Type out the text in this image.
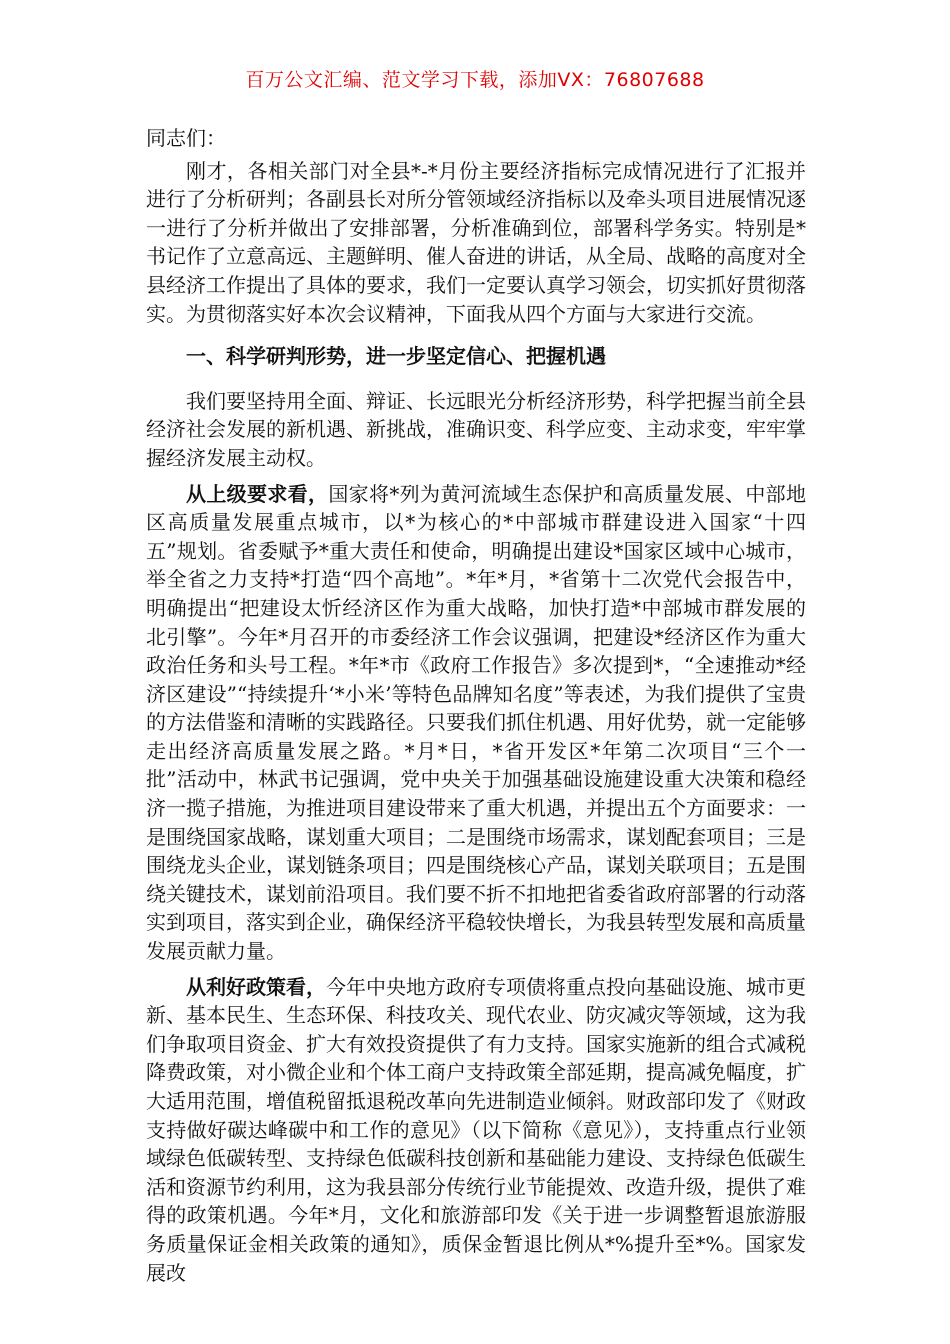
百万公文汇编、范文学习下载，添加VX：76807688

同志们：

刚才，各相关部门对全县*-*月份主要经济指标完成情况进行了汇报并进行了分析研判；各副县长对所分管领域经济指标以及牵头项目进展情况逐一进行了分析并做出了安排部署，分析准确到位，部署科学务实。特别是*书记作了立意高远、主题鲜明、催人奋进的讲话，从全局、战略的高度对全县经济工作提出了具体的要求，我们一定要认真学习领会，切实抓好贯彻落实。为贯彻落实好本次会议精神，下面我从四个方面与大家进行交流。

一、科学研判形势，进一步坚定信心、把握机遇

我们要坚持用全面、辩证、长远眼光分析经济形势，科学把握当前全县经济社会发展的新机遇、新挑战，准确识变、科学应变、主动求变，牢牢掌握经济发展主动权。

从上级要求看，国家将*列为黄河流域生态保护和高质量发展、中部地区高质量发展重点城市，以*为核心的*中部城市群建设进入国家“十四五”规划。省委赋予*重大责任和使命，明确提出建设*国家区域中心城市，举全省之力支持*打造“四个高地”。*年*月，*省第十二次党代会报告中，明确提出“把建设太忻经济区作为重大战略，加快打造*中部城市群发展的北引擎”。今年*月召开的市委经济工作会议强调，把建设*经济区作为重大政治任务和头号工程。*年*市《政府工作报告》多次提到*，“全速推动*经济区建设”“持续提升‘*小米’等特色品牌知名度”等表述，为我们提供了宝贵的方法借鉴和清晰的实践路径。只要我们抓住机遇、用好优势，就一定能够走出经济高质量发展之路。*月*日，*省开发区*年第二次项目“三个一批”活动中，林武书记强调，党中央关于加强基础设施建设重大决策和稳经济一揽子措施，为推进项目建设带来了重大机遇，并提出五个方面要求：一是围绕国家战略，谋划重大项目；二是围绕市场需求，谋划配套项目；三是围绕龙头企业，谋划链条项目；四是围绕核心产品，谋划关联项目；五是围绕关键技术，谋划前沿项目。我们要不折不扣地把省委省政府部署的行动落实到项目，落实到企业，确保经济平稳较快增长，为我县转型发展和高质量发展贡献力量。

从利好政策看，今年中央地方政府专项债将重点投向基础设施、城市更新、基本民生、生态环保、科技攻关、现代农业、防灾减灾等领域，这为我们争取项目资金、扩大有效投资提供了有力支持。国家实施新的组合式减税降费政策，对小微企业和个体工商户支持政策全部延期，提高减免幅度，扩大适用范围，增值税留抵退税改革向先进制造业倾斜。财政部印发了《财政支持做好碳达峰碳中和工作的意见》（以下简称《意见》），支持重点行业领域绿色低碳转型、支持绿色低碳科技创新和基础能力建设、支持绿色低碳生活和资源节约利用，这为我县部分传统行业节能提效、改造升级，提供了难得的政策机遇。今年*月，文化和旅游部印发《关于进一步调整暂退旅游服务质量保证金相关政策的通知》，质保金暂退比例从*%提升至*%。国家发展改
